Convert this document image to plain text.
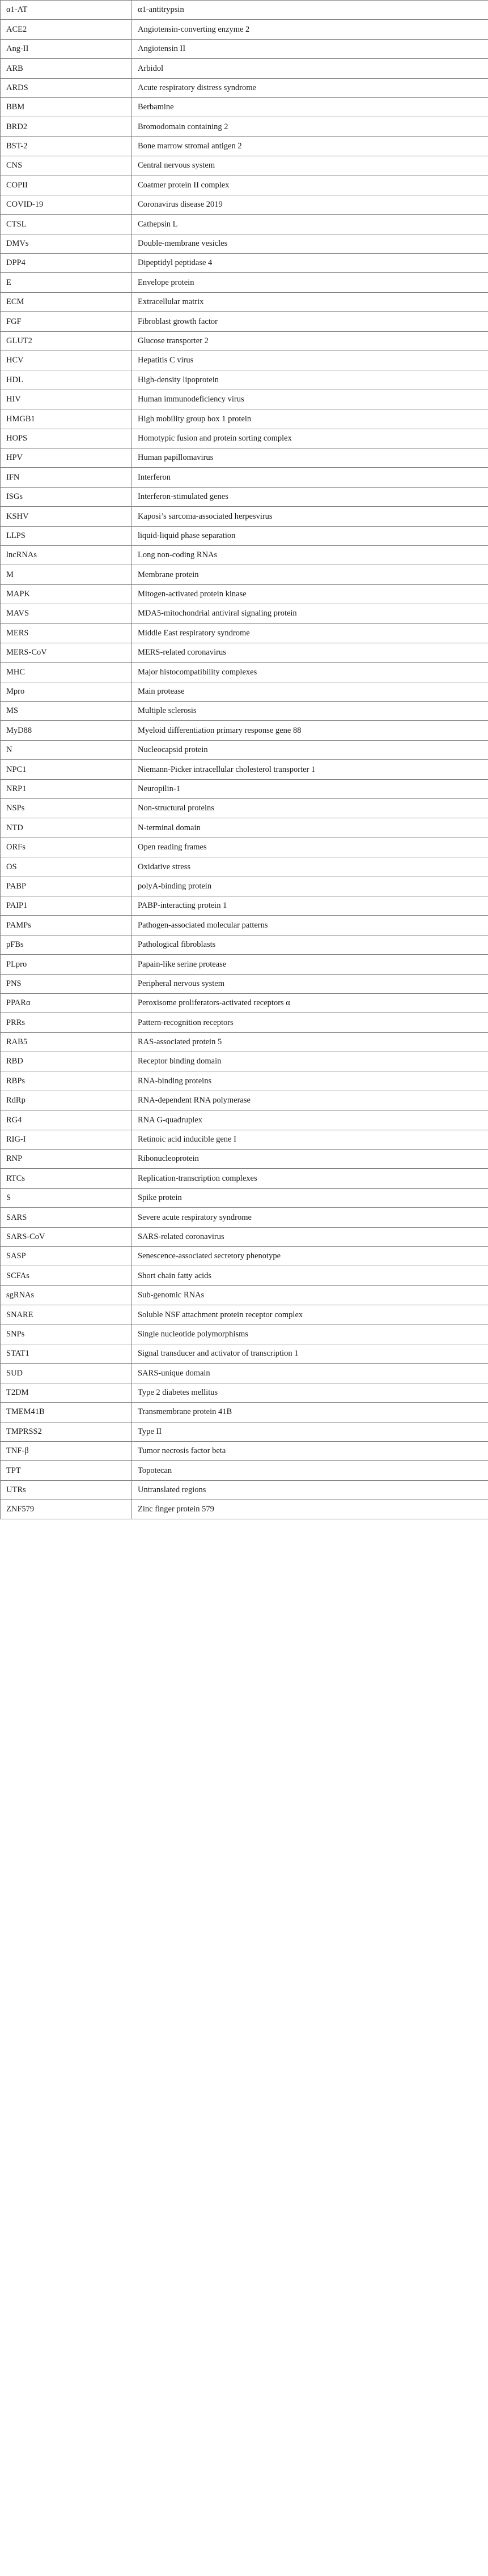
α1-AT	α1-antitrypsin
ACE2	Angiotensin-converting enzyme 2
Ang-II	Angiotensin II
ARB	Arbidol
ARDS	Acute respiratory distress syndrome
BBM	Berbamine
BRD2	Bromodomain containing 2
BST-2	Bone marrow stromal antigen 2
CNS	Central nervous system
COPII	Coatmer protein II complex
COVID-19	Coronavirus disease 2019
CTSL	Cathepsin L
DMVs	Double-membrane vesicles
DPP4	Dipeptidyl peptidase 4
E	Envelope protein
ECM	Extracellular matrix
FGF	Fibroblast growth factor
GLUT2	Glucose transporter 2
HCV	Hepatitis C virus
HDL	High-density lipoprotein
HIV	Human immunodeficiency virus
HMGB1	High mobility group box 1 protein
HOPS	Homotypic fusion and protein sorting complex
HPV	Human papillomavirus
IFN	Interferon
ISGs	Interferon-stimulated genes
KSHV	Kaposi’s sarcoma-associated herpesvirus
LLPS	liquid-liquid phase separation
lncRNAs	Long non-coding RNAs
M	Membrane protein
MAPK	Mitogen-activated protein kinase
MAVS	MDA5-mitochondrial antiviral signaling protein
MERS	Middle East respiratory syndrome
MERS-CoV	MERS-related coronavirus
MHC	Major histocompatibility complexes
Mpro	Main protease
MS	Multiple sclerosis
MyD88	Myeloid differentiation primary response gene 88
N	Nucleocapsid protein
NPC1	Niemann-Picker intracellular cholesterol transporter 1
NRP1	Neuropilin-1
NSPs	Non-structural proteins
NTD	N-terminal domain
ORFs	Open reading frames
OS	Oxidative stress
PABP	polyA-binding protein
PAIP1	PABP-interacting protein 1
PAMPs	Pathogen-associated molecular patterns
pFBs	Pathological fibroblasts
PLpro	Papain-like serine protease
PNS	Peripheral nervous system
PPARα	Peroxisome proliferators-activated receptors α
PRRs	Pattern-recognition receptors
RAB5	RAS-associated protein 5
RBD	Receptor binding domain
RBPs	RNA-binding proteins
RdRp	RNA-dependent RNA polymerase
RG4	RNA G-quadruplex
RIG-I	Retinoic acid inducible gene I
RNP	Ribonucleoprotein
RTCs	Replication-transcription complexes
S	Spike protein
SARS	Severe acute respiratory syndrome
SARS-CoV	SARS-related coronavirus
SASP	Senescence-associated secretory phenotype
SCFAs	Short chain fatty acids
sgRNAs	Sub-genomic RNAs
SNARE	Soluble NSF attachment protein receptor complex
SNPs	Single nucleotide polymorphisms
STAT1	Signal transducer and activator of transcription 1
SUD	SARS-unique domain
T2DM	Type 2 diabetes mellitus
TMEM41B	Transmembrane protein 41B
TMPRSS2	Type II
TNF-β	Tumor necrosis factor beta
TPT	Topotecan
UTRs	Untranslated regions
ZNF579	Zinc finger protein 579
